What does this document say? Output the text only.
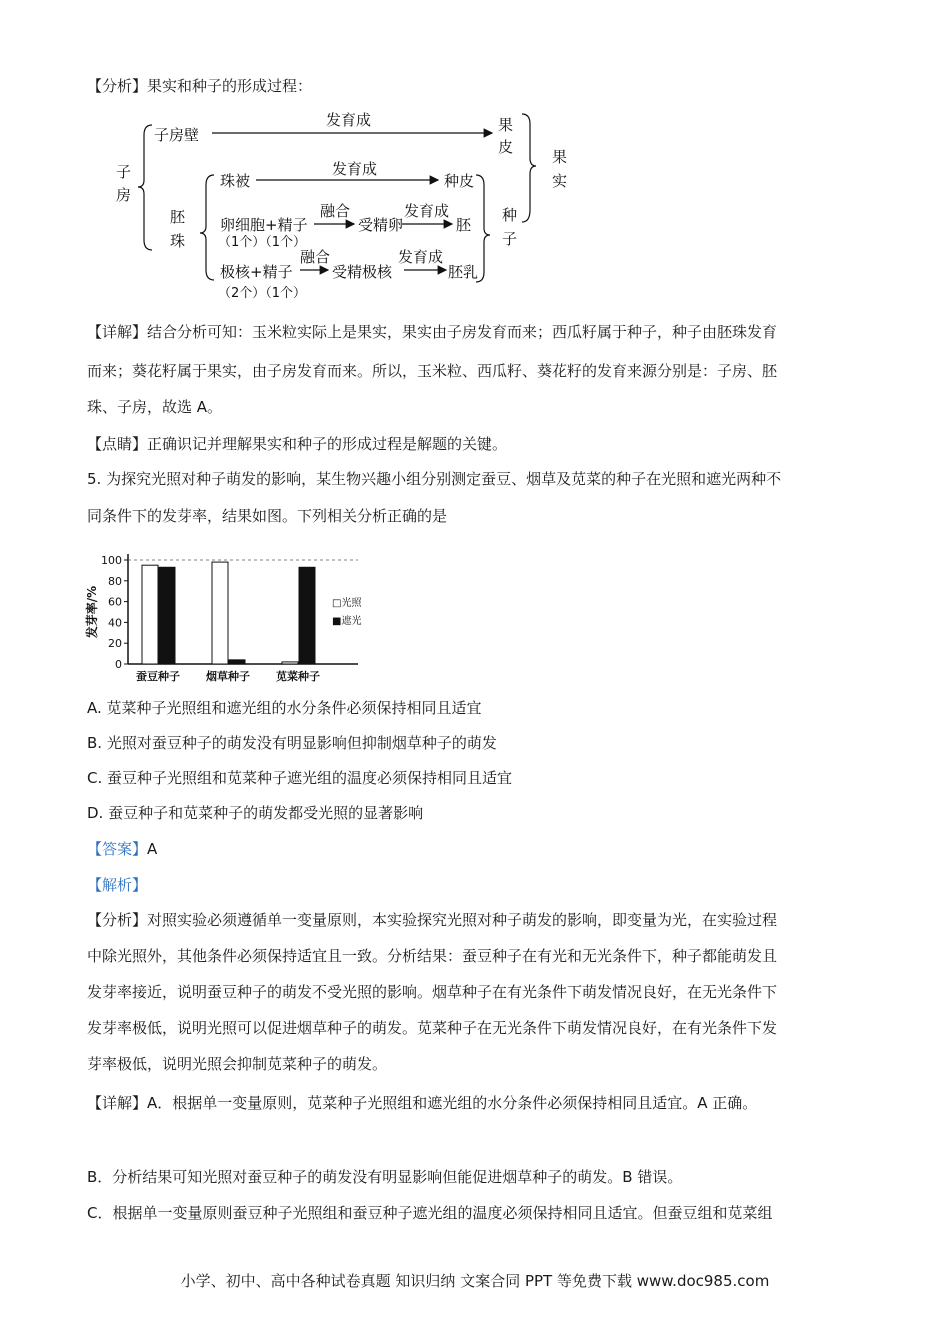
【分析】果实和种子的形成过程：
子
房
子房壁
发育成	果
皮
果
实
胚
珠
珠被
发育成
种皮
卵细胞+精子
（1个）（1个）
融合
受精卵
发育成
胚
种
子
极核+精子
（2个）（1个）
融合
受精极核
发育成
胚乳
【详解】结合分析可知：玉米粒实际上是果实，果实由子房发育而来；西瓜籽属于种子，种子由胚珠发育
而来；葵花籽属于果实，由子房发育而来。所以，玉米粒、西瓜籽、葵花籽的发育来源分别是：子房、胚
珠、子房，故选 A。
【点睛】正确识记并理解果实和种子的形成过程是解题的关键。
5. 为探究光照对种子萌发的影响，某生物兴趣小组分别测定蚕豆、烟草及苋菜的种子在光照和遮光两种不
同条件下的发芽率，结果如图。下列相关分析正确的是
0
20
40
60
80
100
发芽率/%
蚕豆种子 烟草种子 苋菜种子
□光照
■遮光
A. 苋菜种子光照组和遮光组的水分条件必须保持相同且适宜
B. 光照对蚕豆种子的萌发没有明显影响但抑制烟草种子的萌发
C. 蚕豆种子光照组和苋菜种子遮光组的温度必须保持相同且适宜
D. 蚕豆种子和苋菜种子的萌发都受光照的显著影响
【答案】A
【解析】
【分析】对照实验必须遵循单一变量原则，本实验探究光照对种子萌发的影响，即变量为光，在实验过程
中除光照外，其他条件必须保持适宜且一致。分析结果：蚕豆种子在有光和无光条件下，种子都能萌发且
发芽率接近，说明蚕豆种子的萌发不受光照的影响。烟草种子在有光条件下萌发情况良好，在无光条件下
发芽率极低，说明光照可以促进烟草种子的萌发。苋菜种子在无光条件下萌发情况良好，在有光条件下发
芽率极低，说明光照会抑制苋菜种子的萌发。
【详解】A．根据单一变量原则，苋菜种子光照组和遮光组的水分条件必须保持相同且适宜。A 正确。
B．分析结果可知光照对蚕豆种子的萌发没有明显影响但能促进烟草种子的萌发。B 错误。
C．根据单一变量原则蚕豆种子光照组和蚕豆种子遮光组的温度必须保持相同且适宜。但蚕豆组和苋菜组
小学、初中、高中各种试卷真题 知识归纳 文案合同 PPT 等免费下载 www.doc985.com
